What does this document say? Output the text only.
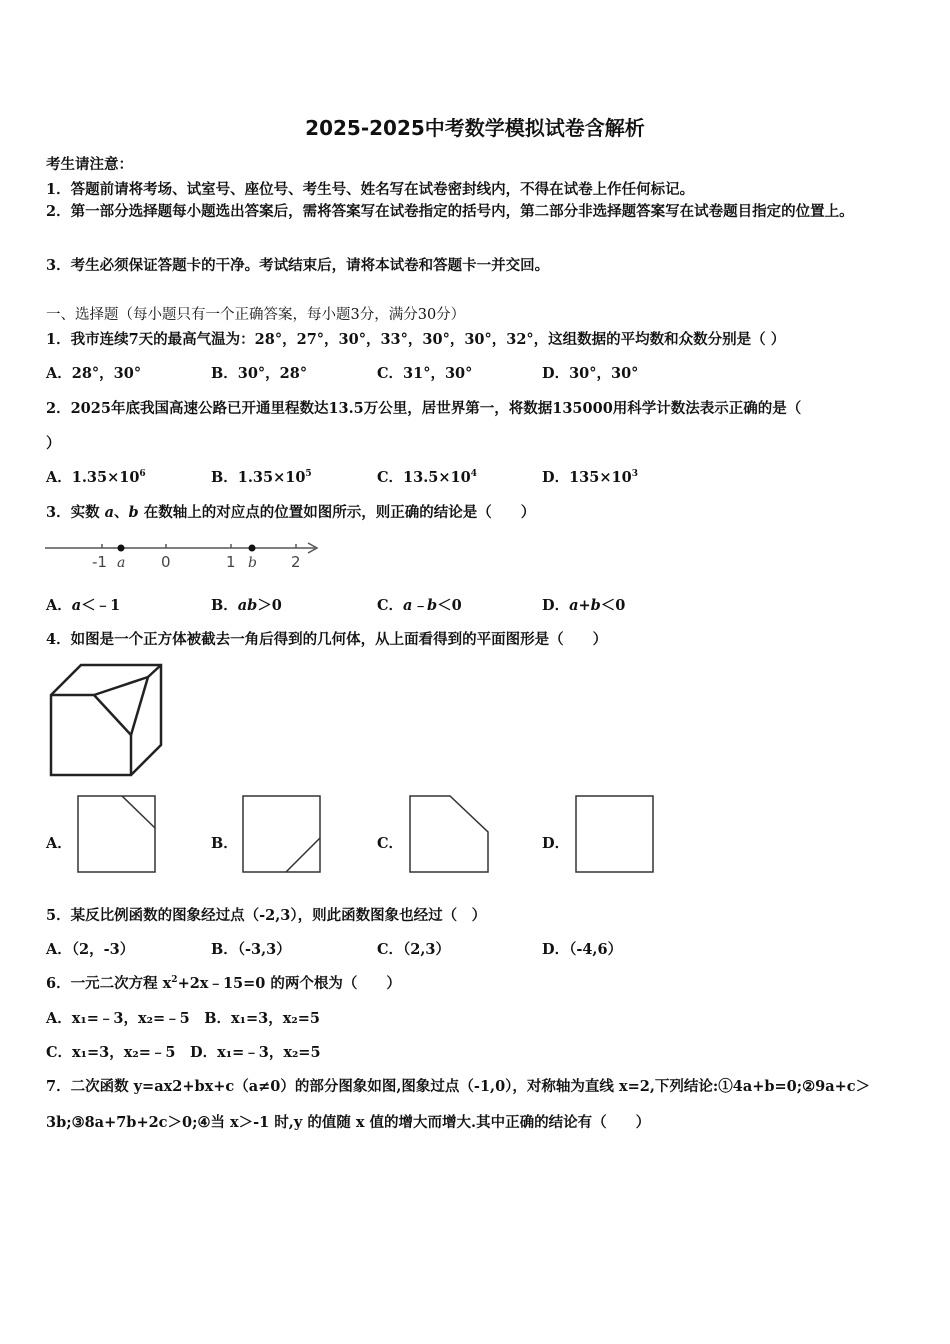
2025-2025中考数学模拟试卷含解析
考生请注意：
1．答题前请将考场、试室号、座位号、考生号、姓名写在试卷密封线内，不得在试卷上作任何标记。
2．第一部分选择题每小题选出答案后，需将答案写在试卷指定的括号内，第二部分非选择题答案写在试卷题目指定的位置上。
3．考生必须保证答题卡的干净。考试结束后，请将本试卷和答题卡一并交回。
一、选择题（每小题只有一个正确答案，每小题3分，满分30分）
1．我市连续7天的最高气温为：28°，27°，30°，33°，30°，30°，32°，这组数据的平均数和众数分别是（ ）
A．28°，30°	B．30°，28°	C．31°，30°	D．30°，30°
2．2025年底我国高速公路已开通里程数达13.5万公里，居世界第一，将数据135000用科学计数法表示正确的是（
）
A．$1.35\times 10^6$	B．$1.35\times 10^5$	C．$13.5\times 10^4$	D．$135\times 10^3$
3．实数 a、b 在数轴上的对应点的位置如图所示，则正确的结论是（　　）
-1	0	1	2
a	b
A．a＜﹣1	B．ab＞0	C．a﹣b＜0	D．a+b＜0
4．如图是一个正方体被截去一角后得到的几何体，从上面看得到的平面图形是（　　）
A．	B．	C．	D．
5．某反比例函数的图象经过点（-2,3），则此函数图象也经过（　）
A．（2，-3）	B．（-3,3）	C．（2,3）	D．（-4,6）
6．一元二次方程 $x^2+2x﹣15=0$ 的两个根为（　　）
A．x₁=﹣3，x₂=﹣5　B．x₁=3，x₂=5
C．x₁=3，x₂=﹣5　D．x₁=﹣3，x₂=5
7．二次函数 y=ax2+bx+c（a≠0）的部分图象如图,图象过点（-1,0），对称轴为直线 x=2,下列结论:①4a+b=0;②9a+c＞
3b;③8a+7b+2c＞0;④当 x＞-1 时,y 的值随 x 值的增大而增大.其中正确的结论有（　　）
